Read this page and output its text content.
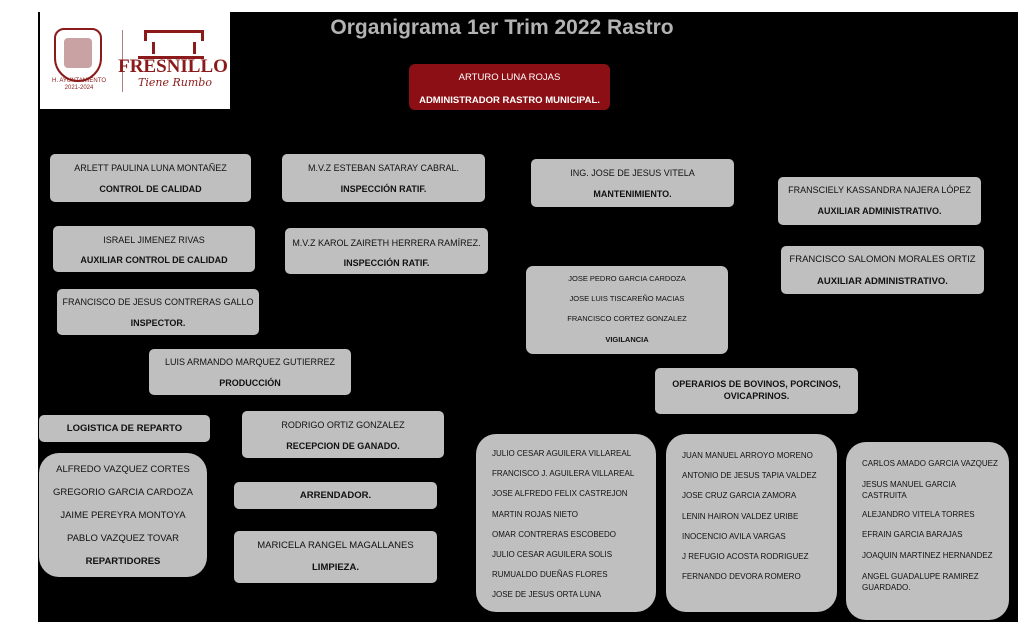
H. AYUNTAMIENTO 2021-2024
FRESNILLO
Tiene Rumbo
Organigrama 1er Trim 2022 Rastro
ARTURO LUNA ROJAS
ADMINISTRADOR RASTRO MUNICIPAL.
ARLETT PAULINA LUNA MONTAÑEZ
CONTROL DE CALIDAD
M.V.Z ESTEBAN SATARAY CABRAL.
INSPECCIÓN RATIF.
ING. JOSE DE JESUS VITELA
MANTENIMIENTO.	FRANSCIELY KASSANDRA NAJERA LÓPEZ
AUXILIAR ADMINISTRATIVO.
ISRAEL JIMENEZ RIVAS
AUXILIAR CONTROL DE CALIDAD
M.V.Z KAROL ZAIRETH HERRERA RAMÍREZ.
INSPECCIÓN RATIF.	FRANCISCO SALOMON MORALES ORTIZ
AUXILIAR ADMINISTRATIVO.
JOSE PEDRO GARCIA CARDOZA
JOSE LUIS TISCAREÑO MACIAS
FRANCISCO CORTEZ GONZALEZ
VIGILANCIA
FRANCISCO DE JESUS CONTRERAS GALLO
INSPECTOR.
LUIS ARMANDO MARQUEZ GUTIERREZ
PRODUCCIÓN	OPERARIOS DE BOVINOS, PORCINOS, OVICAPRINOS.
LOGISTICA DE REPARTO	RODRIGO ORTIZ GONZALEZ
RECEPCION DE GANADO.
ALFREDO VAZQUEZ CORTES
GREGORIO GARCIA CARDOZA
JAIME PEREYRA MONTOYA
PABLO VAZQUEZ TOVAR
REPARTIDORES
ARRENDADOR.
MARICELA RANGEL MAGALLANES
LIMPIEZA.
JULIO CESAR AGUILERA VILLAREAL
FRANCISCO J. AGUILERA VILLAREAL
JOSE ALFREDO FELIX CASTREJON
MARTIN ROJAS NIETO
OMAR CONTRERAS ESCOBEDO
JULIO CESAR AGUILERA SOLIS
RUMUALDO DUEÑAS FLORES
JOSE DE JESUS ORTA LUNA
JUAN MANUEL ARROYO MORENO
ANTONIO DE JESUS TAPIA VALDEZ
JOSE CRUZ GARCIA ZAMORA
LENIN HAIRON VALDEZ URIBE
INOCENCIO AVILA VARGAS
J REFUGIO ACOSTA RODRIGUEZ
FERNANDO DEVORA ROMERO
CARLOS AMADO GARCIA VAZQUEZ
JESUS MANUEL GARCIA CASTRUITA
ALEJANDRO VITELA TORRES
EFRAIN GARCIA BARAJAS
JOAQUIN MARTINEZ HERNANDEZ
ANGEL GUADALUPE RAMIREZ GUARDADO.
